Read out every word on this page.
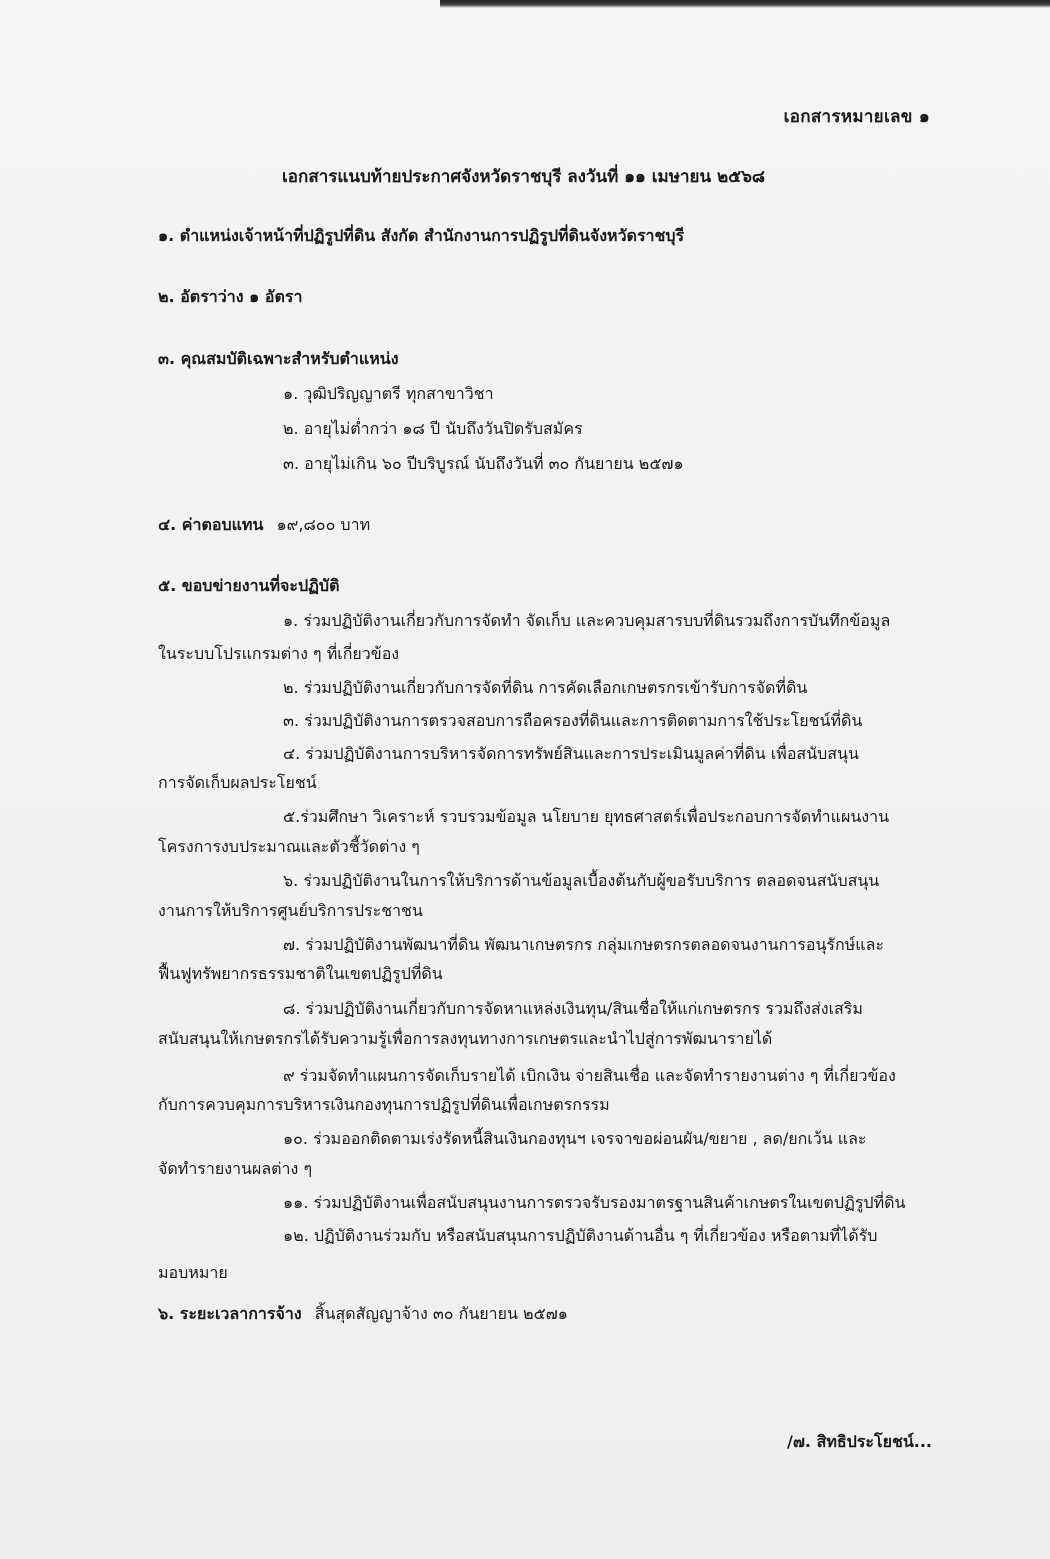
เอกสารหมายเลข ๑
เอกสารแนบท้ายประกาศจังหวัดราชบุรี ลงวันที่ ๑๑ เมษายน ๒๕๖๘
๑. ตำแหน่งเจ้าหน้าที่ปฏิรูปที่ดิน สังกัด สำนักงานการปฏิรูปที่ดินจังหวัดราชบุรี
๒. อัตราว่าง ๑ อัตรา
๓. คุณสมบัติเฉพาะสำหรับตำแหน่ง
๑. วุฒิปริญญาตรี ทุกสาขาวิชา
๒. อายุไม่ต่ำกว่า ๑๘ ปี นับถึงวันปิดรับสมัคร
๓. อายุไม่เกิน ๖๐ ปีบริบูรณ์ นับถึงวันที่ ๓๐ กันยายน ๒๕๗๑
๔. ค่าตอบแทน ๑๙,๘๐๐ บาท
๕. ขอบข่ายงานที่จะปฏิบัติ
๑. ร่วมปฏิบัติงานเกี่ยวกับการจัดทำ จัดเก็บ และควบคุมสารบบที่ดินรวมถึงการบันทึกข้อมูล
ในระบบโปรแกรมต่าง ๆ ที่เกี่ยวข้อง
๒. ร่วมปฏิบัติงานเกี่ยวกับการจัดที่ดิน การคัดเลือกเกษตรกรเข้ารับการจัดที่ดิน
๓. ร่วมปฏิบัติงานการตรวจสอบการถือครองที่ดินและการติดตามการใช้ประโยชน์ที่ดิน
๔. ร่วมปฏิบัติงานการบริหารจัดการทรัพย์สินและการประเมินมูลค่าที่ดิน เพื่อสนับสนุน
การจัดเก็บผลประโยชน์
๕.ร่วมศึกษา วิเคราะห์ รวบรวมข้อมูล นโยบาย ยุทธศาสตร์เพื่อประกอบการจัดทำแผนงาน
โครงการงบประมาณและตัวชี้วัดต่าง ๆ
๖. ร่วมปฏิบัติงานในการให้บริการด้านข้อมูลเบื้องต้นกับผู้ขอรับบริการ ตลอดจนสนับสนุน
งานการให้บริการศูนย์บริการประชาชน
๗. ร่วมปฏิบัติงานพัฒนาที่ดิน พัฒนาเกษตรกร กลุ่มเกษตรกรตลอดจนงานการอนุรักษ์และ
ฟื้นฟูทรัพยากรธรรมชาติในเขตปฏิรูปที่ดิน
๘. ร่วมปฏิบัติงานเกี่ยวกับการจัดหาแหล่งเงินทุน/สินเชื่อให้แก่เกษตรกร รวมถึงส่งเสริม
สนับสนุนให้เกษตรกรได้รับความรู้เพื่อการลงทุนทางการเกษตรและนำไปสู่การพัฒนารายได้
๙ ร่วมจัดทำแผนการจัดเก็บรายได้ เบิกเงิน จ่ายสินเชื่อ และจัดทำรายงานต่าง ๆ ที่เกี่ยวข้อง
กับการควบคุมการบริหารเงินกองทุนการปฏิรูปที่ดินเพื่อเกษตรกรรม
๑๐. ร่วมออกติดตามเร่งรัดหนี้สินเงินกองทุนฯ เจรจาขอผ่อนผัน/ขยาย , ลด/ยกเว้น และ
จัดทำรายงานผลต่าง ๆ
๑๑. ร่วมปฏิบัติงานเพื่อสนับสนุนงานการตรวจรับรองมาตรฐานสินค้าเกษตรในเขตปฏิรูปที่ดิน
๑๒. ปฏิบัติงานร่วมกับ หรือสนับสนุนการปฏิบัติงานด้านอื่น ๆ ที่เกี่ยวข้อง หรือตามที่ได้รับ
มอบหมาย
๖. ระยะเวลาการจ้าง สิ้นสุดสัญญาจ้าง ๓๐ กันยายน ๒๕๗๑
/๗. สิทธิประโยชน์...
